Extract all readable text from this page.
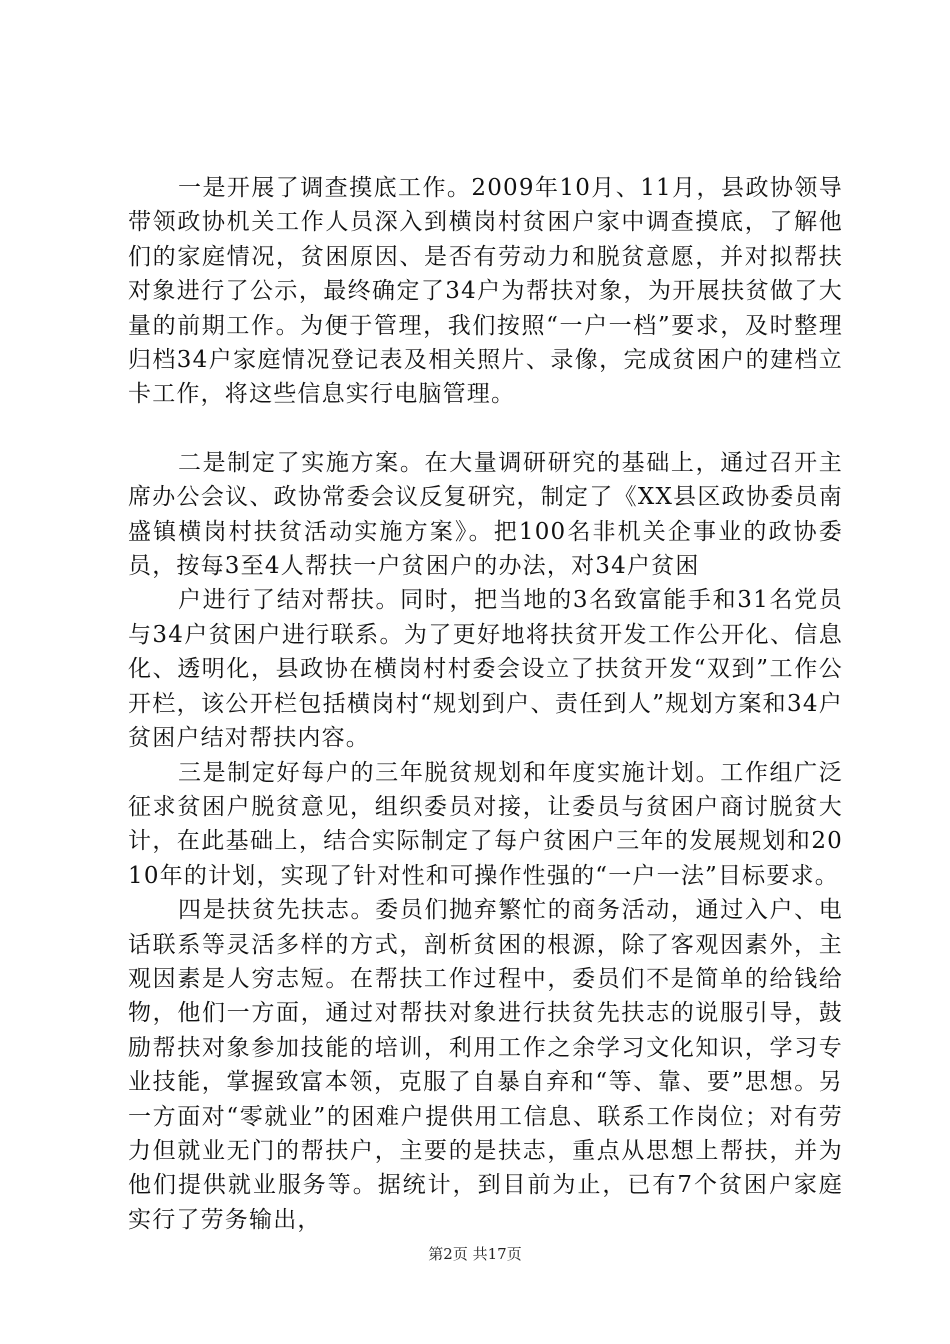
一是开展了调查摸底工作。2009年10月、11月，县政协领导带领政协机关工作人员深入到横岗村贫困户家中调查摸底，了解他们的家庭情况，贫困原因、是否有劳动力和脱贫意愿，并对拟帮扶对象进行了公示，最终确定了34户为帮扶对象，为开展扶贫做了大量的前期工作。为便于管理，我们按照“一户一档”要求，及时整理归档34户家庭情况登记表及相关照片、录像，完成贫困户的建档立卡工作，将这些信息实行电脑管理。

二是制定了实施方案。在大量调研研究的基础上，通过召开主席办公会议、政协常委会议反复研究，制定了《XX县区政协委员南盛镇横岗村扶贫活动实施方案》。把100名非机关企事业的政协委员，按每3至4人帮扶一户贫困户的办法，对34户贫困

户进行了结对帮扶。同时，把当地的3名致富能手和31名党员与34户贫困户进行联系。为了更好地将扶贫开发工作公开化、信息化、透明化，县政协在横岗村村委会设立了扶贫开发“双到”工作公开栏，该公开栏包括横岗村“规划到户、责任到人”规划方案和34户贫困户结对帮扶内容。

三是制定好每户的三年脱贫规划和年度实施计划。工作组广泛征求贫困户脱贫意见，组织委员对接，让委员与贫困户商讨脱贫大计，在此基础上，结合实际制定了每户贫困户三年的发展规划和2010年的计划，实现了针对性和可操作性强的“一户一法”目标要求。

四是扶贫先扶志。委员们抛弃繁忙的商务活动，通过入户、电话联系等灵活多样的方式，剖析贫困的根源，除了客观因素外，主观因素是人穷志短。在帮扶工作过程中，委员们不是简单的给钱给物，他们一方面，通过对帮扶对象进行扶贫先扶志的说服引导，鼓励帮扶对象参加技能的培训，利用工作之余学习文化知识，学习专业技能，掌握致富本领，克服了自暴自弃和“等、靠、要”思想。另一方面对“零就业”的困难户提供用工信息、联系工作岗位；对有劳力但就业无门的帮扶户，主要的是扶志，重点从思想上帮扶，并为他们提供就业服务等。据统计，到目前为止，已有7个贫困户家庭实行了劳务输出，

第2页 共17页
